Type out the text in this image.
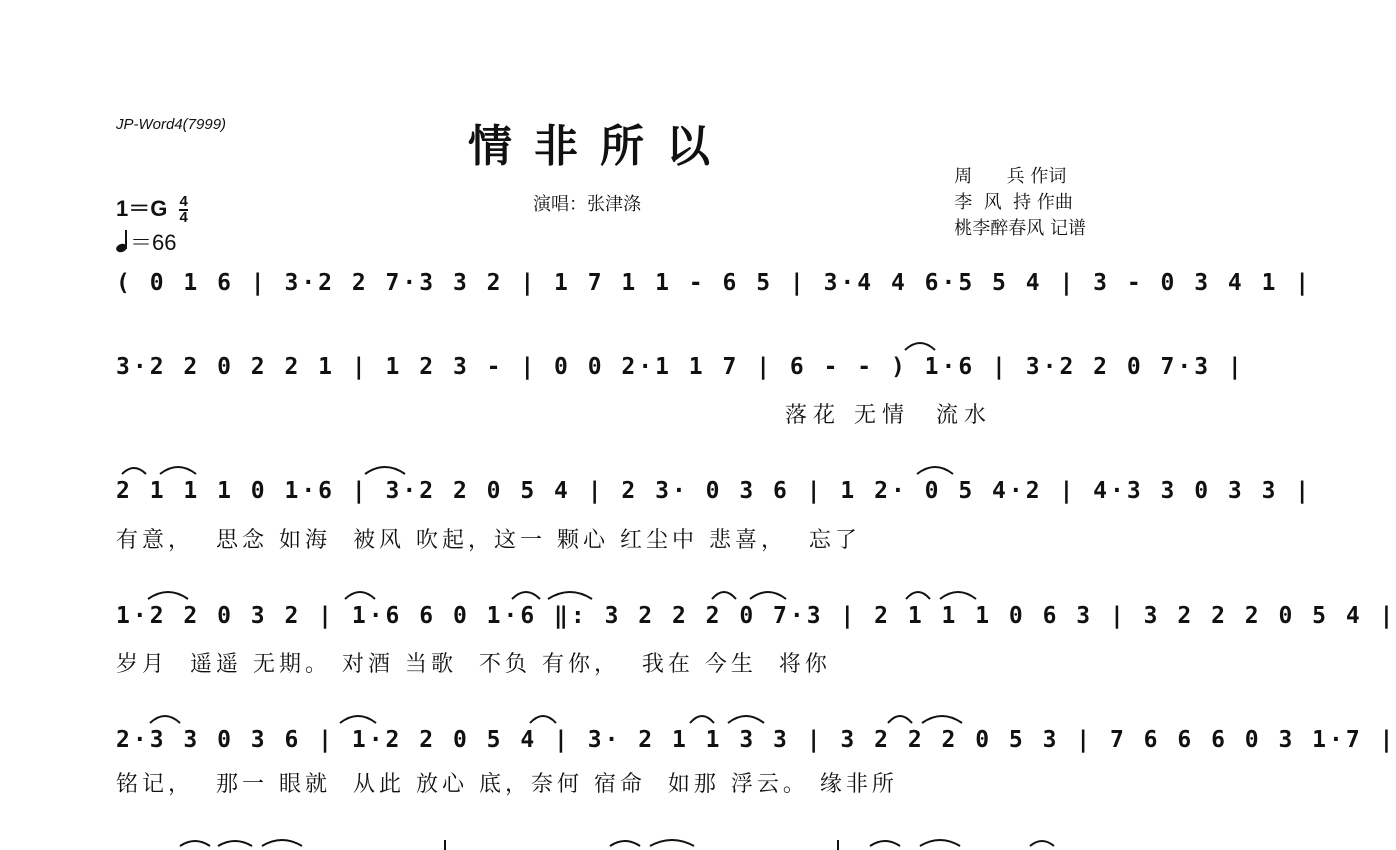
JP-Word4(7999)	情非所以
演唱：张津涤
周      兵 作词
李  风  持 作曲
桃李醉春风 记谱
$1=G \frac{4}{4}$
＝66
( 0 1 6 | 3·2 2 7·3 3 2 | 1 7 1 1 - 6 5 | 3·4 4 6·5 5 4 | 3 - 0 3 4 1 |
3·2 2 0 2 2 1 | 1 2 3 - | 0 0 2·1 1 7 | 6 - - ) 1·6 | 3·2 2 0 7·3 |
落花 无情  流水
2 1 1 1 0 1·6 | 3·2 2 0 5 4 | 2 3· 0 3 6 | 1 2· 0 5 4·2 | 4·3 3 0 3 3 |
有意，  思念 如海  被风 吹起，这一 颗心 红尘中 悲喜，  忘了
1·2 2 0 3 2 | 1·6 6 0 1·6 ‖: 3 2 2 2 0 7·3 | 2 1 1 1 0 6 3 | 3 2 2 2 0 5 4 |
岁月  遥遥 无期。 对酒 当歌  不负 有你，  我在 今生  将你
2·3 3 0 3 6 | 1·2 2 0 5 4 | 3· 2 1 1 3 3 | 3 2 2 2 0 5 3 | 7 6 6 6 0 3 1·7 |
铭记，  那一 眼就  从此 放心 底，奈何 宿命  如那 浮云。 缘非所
